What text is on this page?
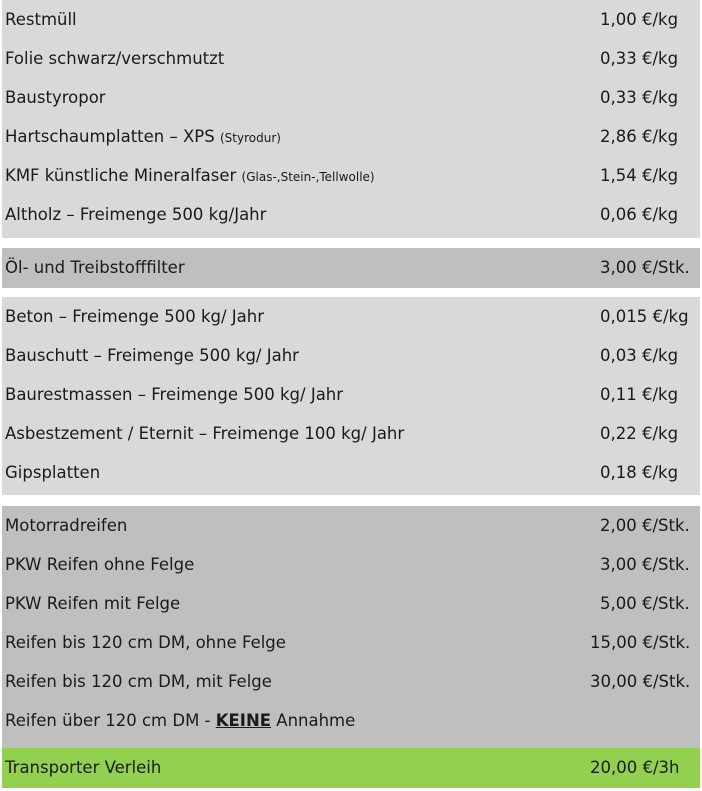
Restmüll	1,00 €/kg
Folie schwarz/verschmutzt	0,33 €/kg
Baustyropor	0,33 €/kg
Hartschaumplatten – XPS (Styrodur)	2,86 €/kg
KMF künstliche Mineralfaser (Glas-,Stein-,Tellwolle)	1,54 €/kg
Altholz – Freimenge 500 kg/Jahr	0,06 €/kg
Öl- und Treibstofffilter	3,00 €/Stk.
Beton – Freimenge 500 kg/ Jahr	0,015 €/kg
Bauschutt – Freimenge 500 kg/ Jahr	0,03 €/kg
Baurestmassen – Freimenge 500 kg/ Jahr	0,11 €/kg
Asbestzement / Eternit – Freimenge 100 kg/ Jahr	0,22 €/kg
Gipsplatten	0,18 €/kg
Motorradreifen	2,00 €/Stk.
PKW Reifen ohne Felge	3,00 €/Stk.
PKW Reifen mit Felge	5,00 €/Stk.
Reifen bis 120 cm DM, ohne Felge	15,00 €/Stk.
Reifen bis 120 cm DM, mit Felge	30,00 €/Stk.
Reifen über 120 cm DM - KEINE Annahme
Transporter Verleih	20,00 €/3h
